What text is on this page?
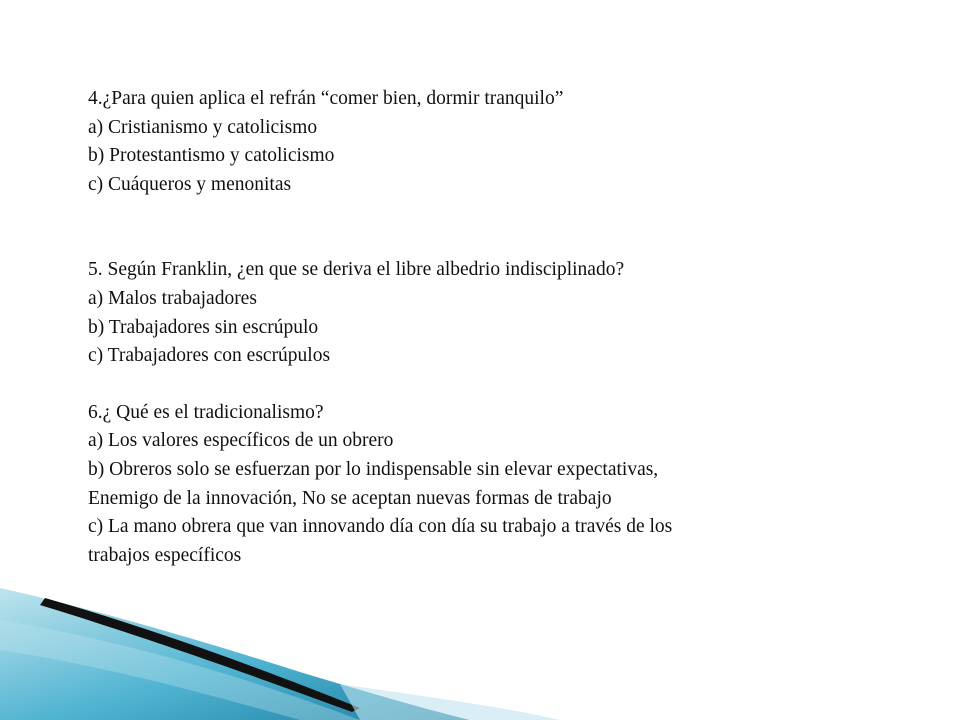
4.¿Para quien aplica el refrán “comer bien, dormir tranquilo”
a) Cristianismo y catolicismo
b) Protestantismo y catolicismo
c) Cuáqueros y menonitas
5. Según Franklin, ¿en que se deriva el libre albedrio indisciplinado?
a) Malos trabajadores
b) Trabajadores sin escrúpulo
c) Trabajadores con escrúpulos
6.¿ Qué es el tradicionalismo?
a) Los valores específicos de un obrero
b) Obreros solo se esfuerzan por lo indispensable sin elevar expectativas,
Enemigo de la innovación, No se aceptan nuevas formas de trabajo
c) La mano obrera que van innovando día con día su trabajo a través de los
trabajos específicos
